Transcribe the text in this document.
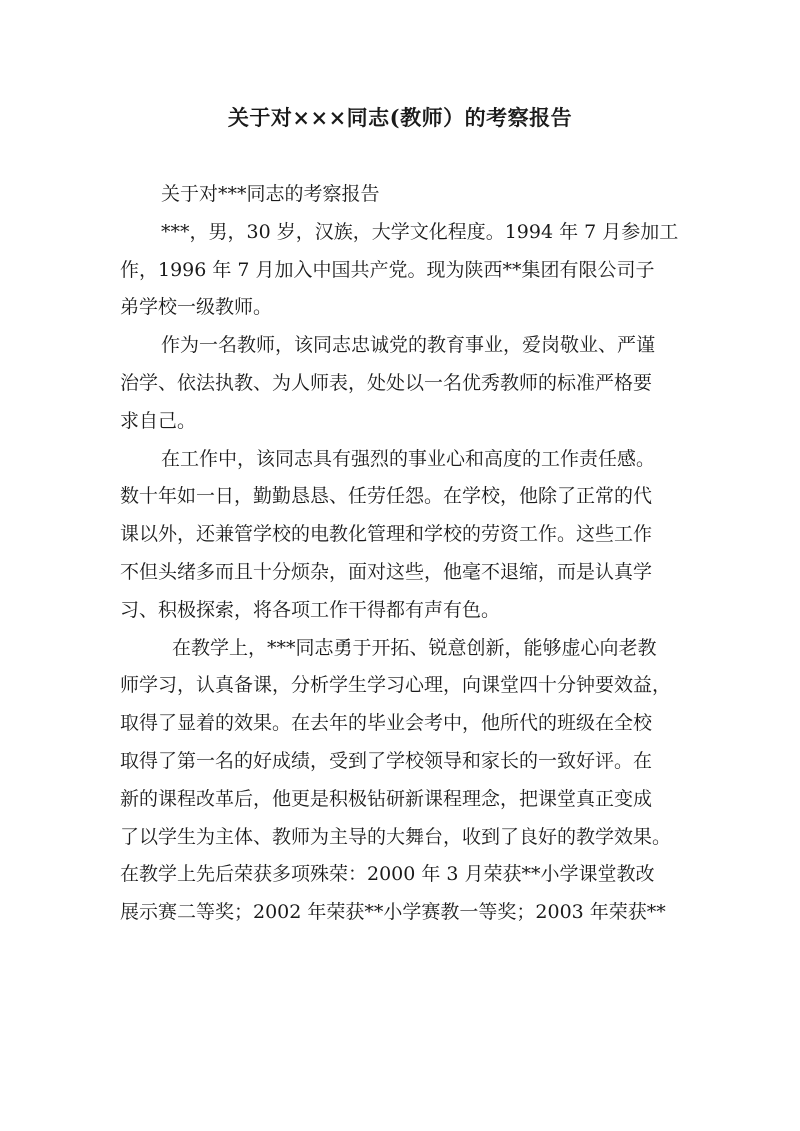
关于对×××同志(教师）的考察报告
关于对***同志的考察报告
***，男，30 岁，汉族，大学文化程度。1994 年 7 月参加工
作，1996 年 7 月加入中国共产党。现为陕西**集团有限公司子
弟学校一级教师。
作为一名教师，该同志忠诚党的教育事业，爱岗敬业、严谨
治学、依法执教、为人师表，处处以一名优秀教师的标准严格要
求自己。
在工作中，该同志具有强烈的事业心和高度的工作责任感。
数十年如一日，勤勤恳恳、任劳任怨。在学校，他除了正常的代
课以外，还兼管学校的电教化管理和学校的劳资工作。这些工作
不但头绪多而且十分烦杂，面对这些，他毫不退缩，而是认真学
习、积极探索，将各项工作干得都有声有色。
在教学上，***同志勇于开拓、锐意创新，能够虚心向老教
师学习，认真备课，分析学生学习心理，向课堂四十分钟要效益，
取得了显着的效果。在去年的毕业会考中，他所代的班级在全校
取得了第一名的好成绩，受到了学校领导和家长的一致好评。在
新的课程改革后，他更是积极钻研新课程理念，把课堂真正变成
了以学生为主体、教师为主导的大舞台，收到了良好的教学效果。
在教学上先后荣获多项殊荣：2000 年 3 月荣获**小学课堂教改
展示赛二等奖；2002 年荣获**小学赛教一等奖；2003 年荣获**
